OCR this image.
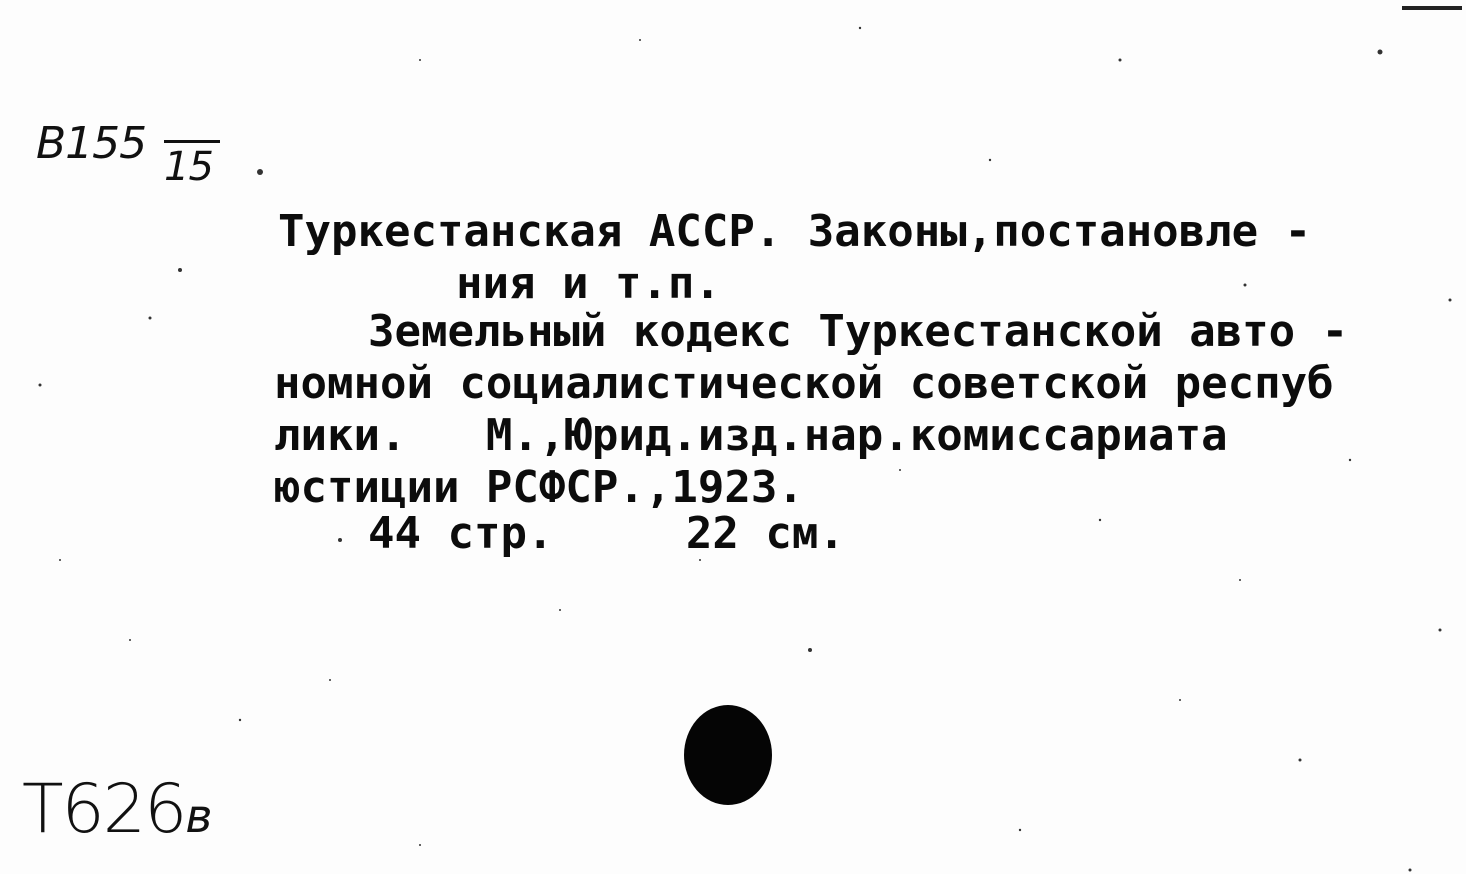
В155 15
Т626в
Туркестанская АССР. Законы,постановле -
ния и т.п.
Земельный кодекс Туркестанской авто -
номной социалистической советской респуб
лики.   М.,Юрид.изд.нар.комиссариата
юстиции РСФСР.,1923.
44 стр.     22 см.
